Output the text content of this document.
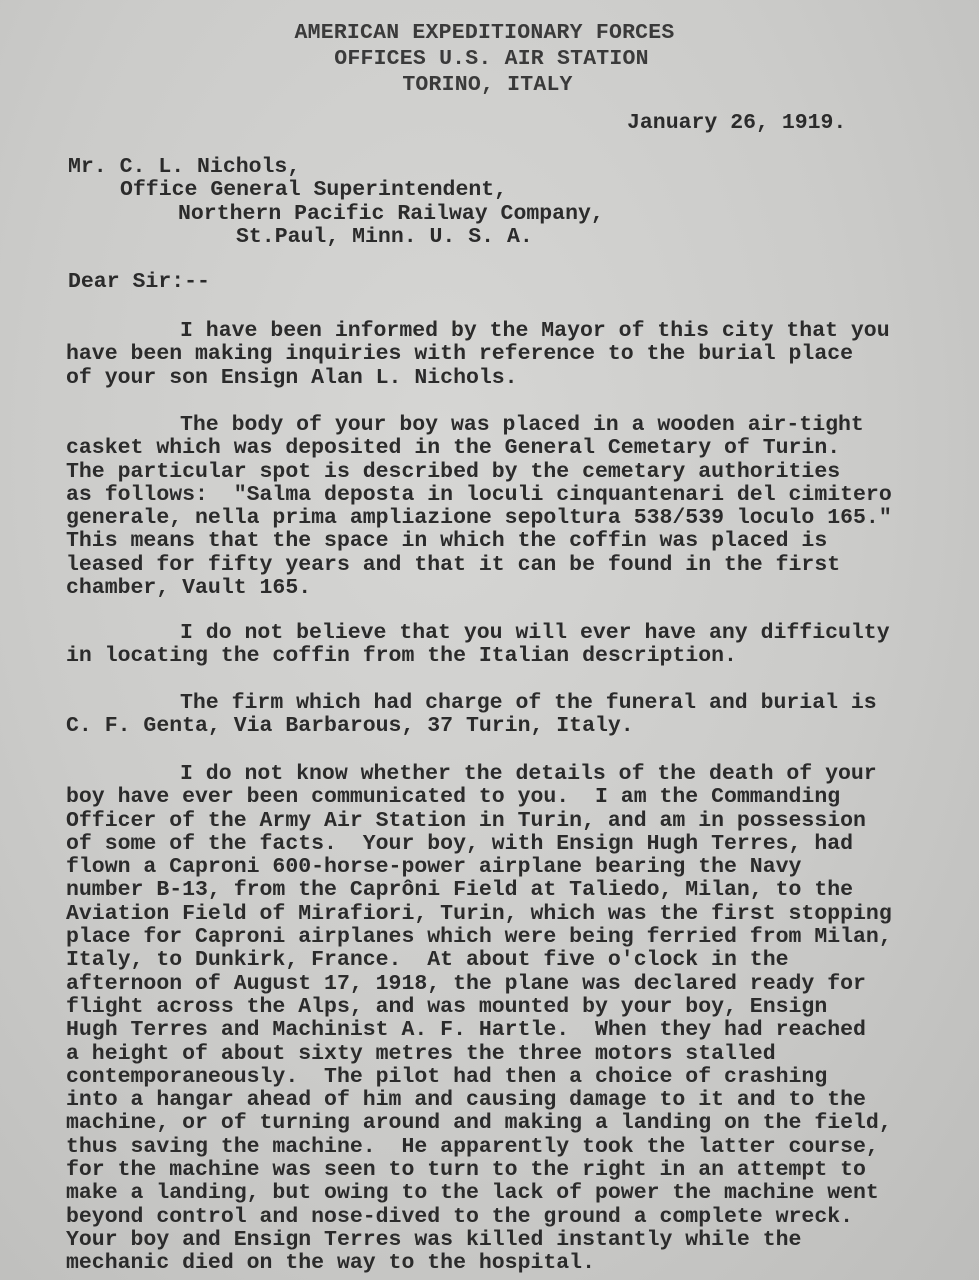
AMERICAN EXPEDITIONARY FORCES
OFFICES U.S. AIR STATION
TORINO, ITALY
January 26, 1919.
Mr. C. L. Nichols,
Office General Superintendent,
Northern Pacific Railway Company,
St.Paul, Minn. U. S. A.
Dear Sir:--
I have been informed by the Mayor of this city that you
have been making inquiries with reference to the burial place
of your son Ensign Alan L. Nichols.
The body of your boy was placed in a wooden air-tight
casket which was deposited in the General Cemetary of Turin.
The particular spot is described by the cemetary authorities
as follows:  "Salma deposta in loculi cinquantenari del cimitero
generale, nella prima ampliazione sepoltura 538/539 loculo 165."
This means that the space in which the coffin was placed is
leased for fifty years and that it can be found in the first
chamber, Vault 165.
I do not believe that you will ever have any difficulty
in locating the coffin from the Italian description.
The firm which had charge of the funeral and burial is
C. F. Genta, Via Barbarous, 37 Turin, Italy.
I do not know whether the details of the death of your
boy have ever been communicated to you.  I am the Commanding
Officer of the Army Air Station in Turin, and am in possession
of some of the facts.  Your boy, with Ensign Hugh Terres, had
flown a Caproni 600-horse-power airplane bearing the Navy
number B-13, from the Caprôni Field at Taliedo, Milan, to the
Aviation Field of Mirafiori, Turin, which was the first stopping
place for Caproni airplanes which were being ferried from Milan,
Italy, to Dunkirk, France.  At about five o'clock in the
afternoon of August 17, 1918, the plane was declared ready for
flight across the Alps, and was mounted by your boy, Ensign
Hugh Terres and Machinist A. F. Hartle.  When they had reached
a height of about sixty metres the three motors stalled
contemporaneously.  The pilot had then a choice of crashing
into a hangar ahead of him and causing damage to it and to the
machine, or of turning around and making a landing on the field,
thus saving the machine.  He apparently took the latter course,
for the machine was seen to turn to the right in an attempt to
make a landing, but owing to the lack of power the machine went
beyond control and nose-dived to the ground a complete wreck.
Your boy and Ensign Terres was killed instantly while the
mechanic died on the way to the hospital.
